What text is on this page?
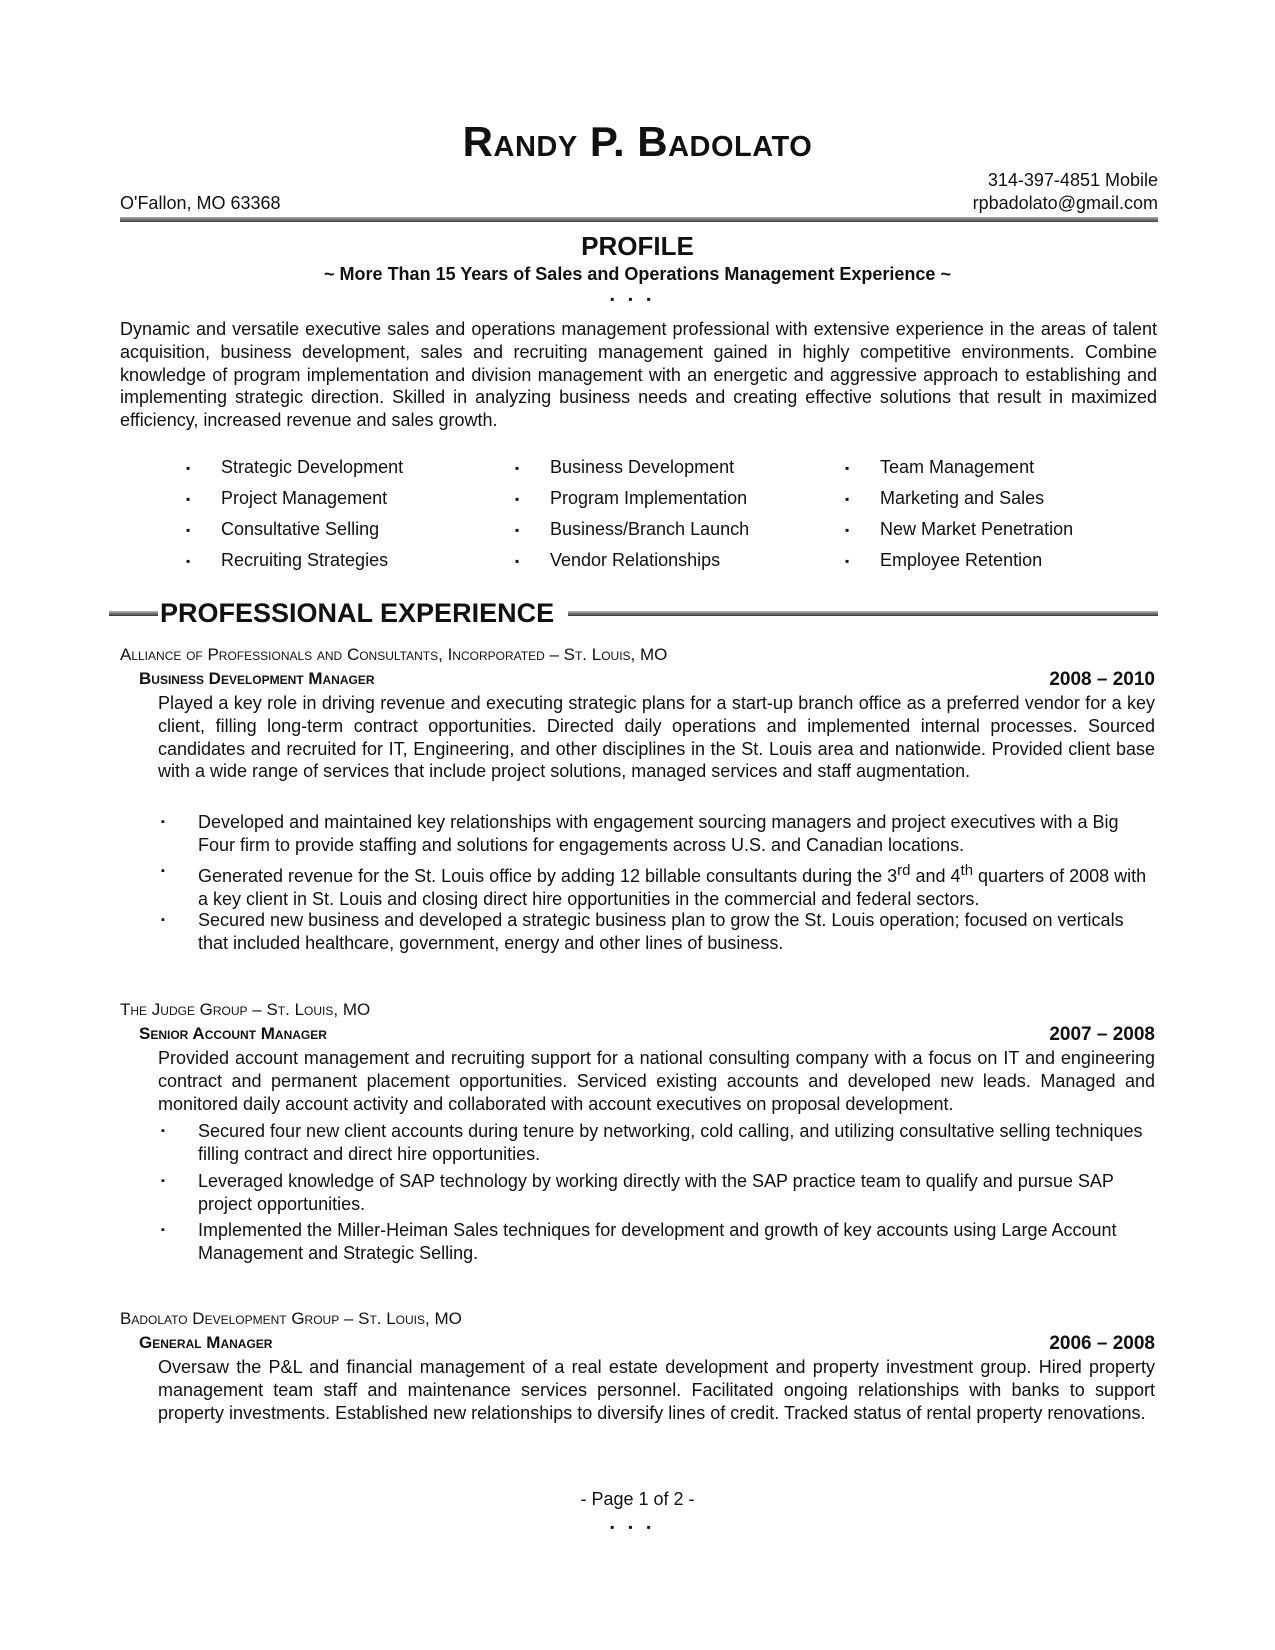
Randy P. Badolato
314-397-4851 Mobile
O'Fallon, MO 63368	rpbadolato@gmail.com
PROFILE
~ More Than 15 Years of Sales and Operations Management Experience ~
▪▪▪
Dynamic and versatile executive sales and operations management professional with extensive experience in the areas of talent acquisition, business development, sales and recruiting management gained in highly competitive environments. Combine knowledge of program implementation and division management with an energetic and aggressive approach to establishing and implementing strategic direction. Skilled in analyzing business needs and creating effective solutions that result in maximized efficiency, increased revenue and sales growth.
▪	Strategic Development	▪	Business Development	▪	Team Management
▪	Project Management	▪	Program Implementation	▪	Marketing and Sales
▪	Consultative Selling	▪	Business/Branch Launch	▪	New Market Penetration
▪	Recruiting Strategies	▪	Vendor Relationships	▪	Employee Retention
PROFESSIONAL EXPERIENCE
Alliance of Professionals and Consultants, Incorporated – St. Louis, MO
Business Development Manager	2008 – 2010
Played a key role in driving revenue and executing strategic plans for a start-up branch office as a preferred vendor for a key client, filling long-term contract opportunities. Directed daily operations and implemented internal processes. Sourced candidates and recruited for IT, Engineering, and other disciplines in the St. Louis area and nationwide. Provided client base with a wide range of services that include project solutions, managed services and staff augmentation.
▪	Developed and maintained key relationships with engagement sourcing managers and project executives with a Big Four firm to provide staffing and solutions for engagements across U.S. and Canadian locations.
▪	Generated revenue for the St. Louis office by adding 12 billable consultants during the 3rd and 4th quarters of 2008 with a key client in St. Louis and closing direct hire opportunities in the commercial and federal sectors.
▪	Secured new business and developed a strategic business plan to grow the St. Louis operation; focused on verticals that included healthcare, government, energy and other lines of business.
The Judge Group – St. Louis, MO
Senior Account Manager	2007 – 2008
Provided account management and recruiting support for a national consulting company with a focus on IT and engineering contract and permanent placement opportunities. Serviced existing accounts and developed new leads. Managed and monitored daily account activity and collaborated with account executives on proposal development.
▪	Secured four new client accounts during tenure by networking, cold calling, and utilizing consultative selling techniques filling contract and direct hire opportunities.
▪	Leveraged knowledge of SAP technology by working directly with the SAP practice team to qualify and pursue SAP project opportunities.
▪	Implemented the Miller-Heiman Sales techniques for development and growth of key accounts using Large Account Management and Strategic Selling.
Badolato Development Group – St. Louis, MO
General Manager	2006 – 2008
Oversaw the P&L and financial management of a real estate development and property investment group. Hired property management team staff and maintenance services personnel. Facilitated ongoing relationships with banks to support property investments. Established new relationships to diversify lines of credit. Tracked status of rental property renovations.
- Page 1 of 2 -
▪▪▪
